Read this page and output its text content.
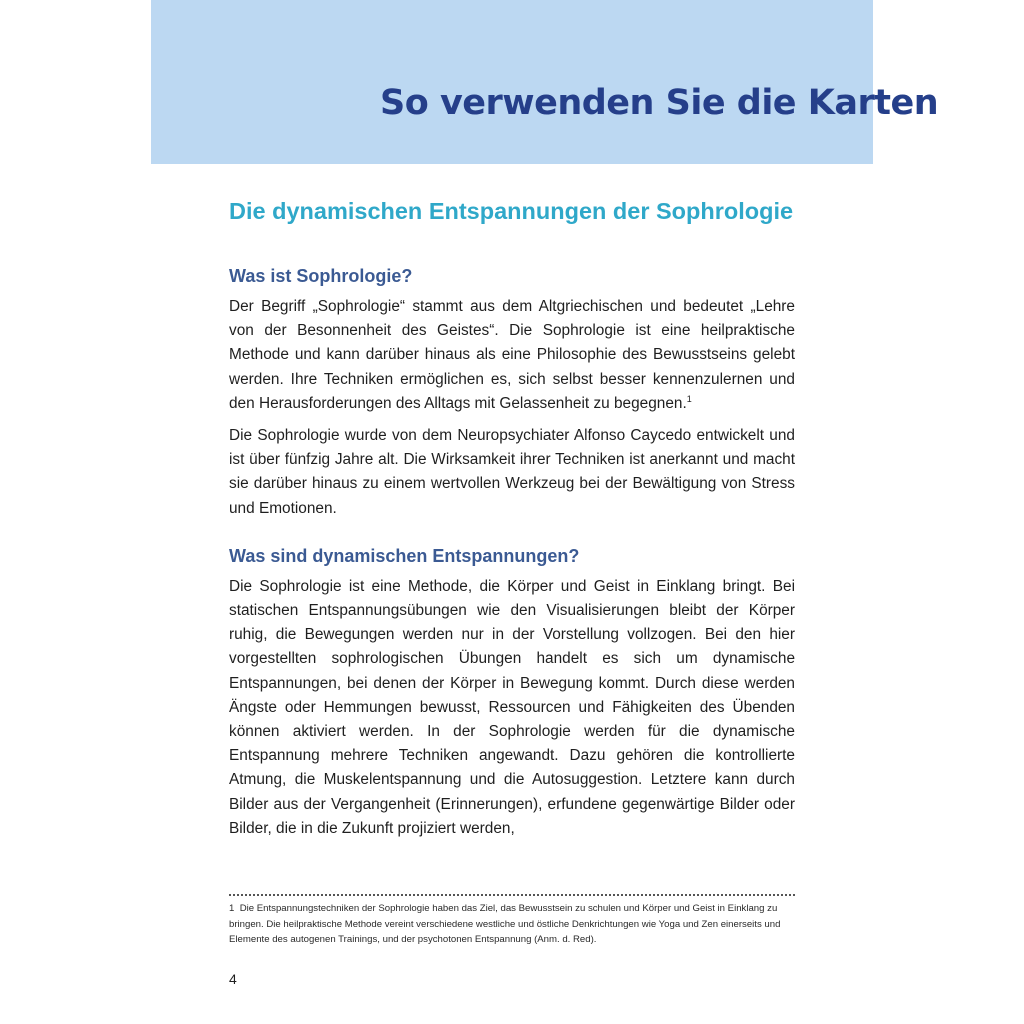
So verwenden Sie die Karten
Die dynamischen Entspannungen der Sophrologie
Was ist Sophrologie?

Der Begriff „Sophrologie“ stammt aus dem Altgriechischen und bedeutet „Lehre von der Besonnenheit des Geistes“. Die Sophrologie ist eine heilpraktische Methode und kann darüber hinaus als eine Philosophie des Bewusstseins gelebt werden. Ihre Techniken ermöglichen es, sich selbst besser kennenzulernen und den Herausforderungen des Alltags mit Gelassenheit zu begegnen.$^1$

Die Sophrologie wurde von dem Neuropsychiater Alfonso Caycedo entwickelt und ist über fünfzig Jahre alt. Die Wirksamkeit ihrer Techniken ist anerkannt und macht sie darüber hinaus zu einem wertvollen Werkzeug bei der Bewältigung von Stress und Emotionen.

Was sind dynamischen Entspannungen?

Die Sophrologie ist eine Methode, die Körper und Geist in Einklang bringt. Bei statischen Entspannungsübungen wie den Visualisierungen bleibt der Körper ruhig, die Bewegungen werden nur in der Vorstellung vollzogen. Bei den hier vorgestellten sophrologischen Übungen handelt es sich um dynamische Entspannungen, bei denen der Körper in Bewegung kommt. Durch diese werden Ängste oder Hemmungen bewusst, Ressourcen und Fähigkeiten des Übenden können aktiviert werden. In der Sophrologie werden für die dynamische Entspannung mehrere Techniken angewandt. Dazu gehören die kontrollierte Atmung, die Muskelentspannung und die Autosuggestion. Letztere kann durch Bilder aus der Vergangenheit (Erinnerungen), erfundene gegenwärtige Bilder oder Bilder, die in die Zukunft projiziert werden,

1 Die Entspannungstechniken der Sophrologie haben das Ziel, das Bewusstsein zu schulen und Körper und Geist in Einklang zu bringen. Die heilpraktische Methode vereint verschiedene westliche und östliche Denkrichtungen wie Yoga und Zen einerseits und Elemente des autogenen Trainings, und der psychotonen Entspannung (Anm. d. Red).

4
